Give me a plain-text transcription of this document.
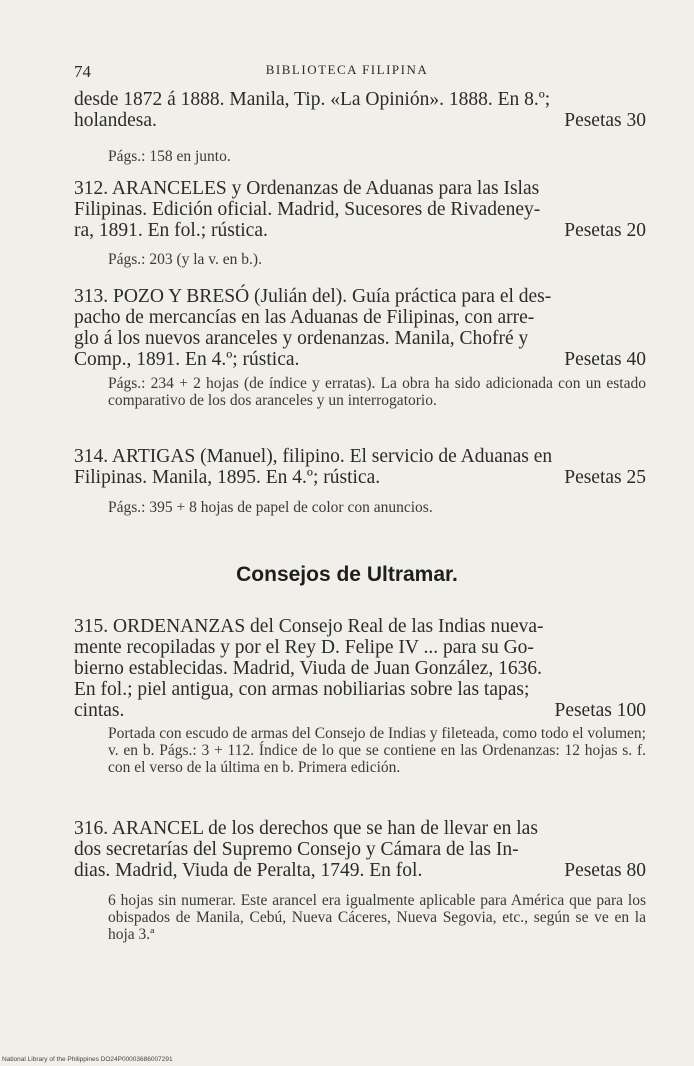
74	BIBLIOTECA FILIPINA
desde 1872 á 1888. Manila, Tip. «La Opinión». 1888. En 8.º;
holandesa.	Pesetas 30
Págs.: 158 en junto.
312. ARANCELES y Ordenanzas de Aduanas para las Islas
Filipinas. Edición oficial. Madrid, Sucesores de Rivadeney-
ra, 1891. En fol.; rústica.	Pesetas 20
Págs.: 203 (y la v. en b.).
313. POZO Y BRESÓ (Julián del). Guía práctica para el des-
pacho de mercancías en las Aduanas de Filipinas, con arre-
glo á los nuevos aranceles y ordenanzas. Manila, Chofré y
Comp., 1891. En 4.º; rústica.	Pesetas 40
Págs.: 234 + 2 hojas (de índice y erratas). La obra ha sido adicionada con un estado comparativo de los dos aranceles y un interrogatorio.
314. ARTIGAS (Manuel), filipino. El servicio de Aduanas en
Filipinas. Manila, 1895. En 4.º; rústica.	Pesetas 25
Págs.: 395 + 8 hojas de papel de color con anuncios.
Consejos de Ultramar.
315. ORDENANZAS del Consejo Real de las Indias nueva-
mente recopiladas y por el Rey D. Felipe IV ... para su Go-
bierno establecidas. Madrid, Viuda de Juan González, 1636.
En fol.; piel antigua, con armas nobiliarias sobre las tapas;
cintas.	Pesetas 100
Portada con escudo de armas del Consejo de Indias y fileteada, como todo el volumen; v. en b. Págs.: 3 + 112. Índice de lo que se contiene en las Ordenanzas: 12 hojas s. f. con el verso de la última en b. Primera edición.
316. ARANCEL de los derechos que se han de llevar en las
dos secretarías del Supremo Consejo y Cámara de las In-
dias. Madrid, Viuda de Peralta, 1749. En fol.	Pesetas 80
6 hojas sin numerar. Este arancel era igualmente aplicable para América que para los obispados de Manila, Cebú, Nueva Cáceres, Nueva Segovia, etc., según se ve en la hoja 3.ª
National Library of the Philippines DO24P00003686007291
